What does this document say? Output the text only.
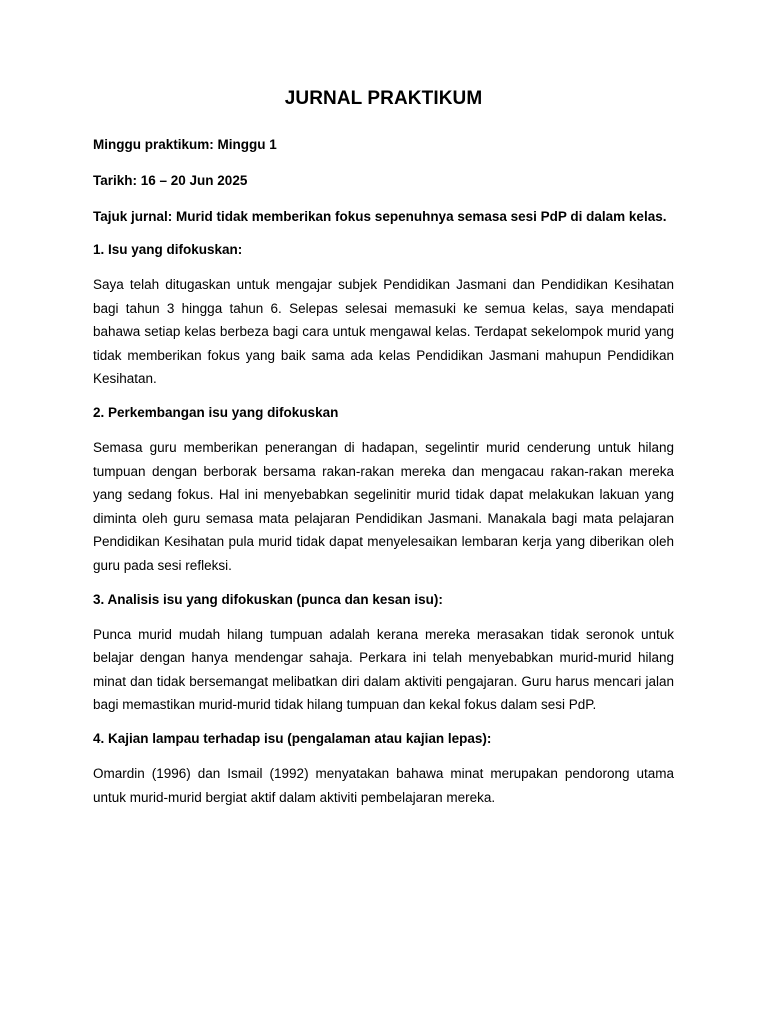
JURNAL PRAKTIKUM

Minggu praktikum: Minggu 1

Tarikh: 16 – 20 Jun 2025

Tajuk jurnal: Murid tidak memberikan fokus sepenuhnya semasa sesi PdP di dalam kelas.

1. Isu yang difokuskan:

Saya telah ditugaskan untuk mengajar subjek Pendidikan Jasmani dan Pendidikan Kesihatan bagi tahun 3 hingga tahun 6. Selepas selesai memasuki ke semua kelas, saya mendapati bahawa setiap kelas berbeza bagi cara untuk mengawal kelas. Terdapat sekelompok murid yang tidak memberikan fokus yang baik sama ada kelas Pendidikan Jasmani mahupun Pendidikan Kesihatan.

2. Perkembangan isu yang difokuskan

Semasa guru memberikan penerangan di hadapan, segelintir murid cenderung untuk hilang tumpuan dengan berborak bersama rakan-rakan mereka dan mengacau rakan-rakan mereka yang sedang fokus. Hal ini menyebabkan segelinitir murid tidak dapat melakukan lakuan yang diminta oleh guru semasa mata pelajaran Pendidikan Jasmani. Manakala bagi mata pelajaran Pendidikan Kesihatan pula murid tidak dapat menyelesaikan lembaran kerja yang diberikan oleh guru pada sesi refleksi.

3. Analisis isu yang difokuskan (punca dan kesan isu):

Punca murid mudah hilang tumpuan adalah kerana mereka merasakan tidak seronok untuk belajar dengan hanya mendengar sahaja. Perkara ini telah menyebabkan murid-murid hilang minat dan tidak bersemangat melibatkan diri dalam aktiviti pengajaran. Guru harus mencari jalan bagi memastikan murid-murid tidak hilang tumpuan dan kekal fokus dalam sesi PdP.

4. Kajian lampau terhadap isu (pengalaman atau kajian lepas):

Omardin (1996) dan Ismail (1992) menyatakan bahawa minat merupakan pendorong utama untuk murid-murid bergiat aktif dalam aktiviti pembelajaran mereka.
